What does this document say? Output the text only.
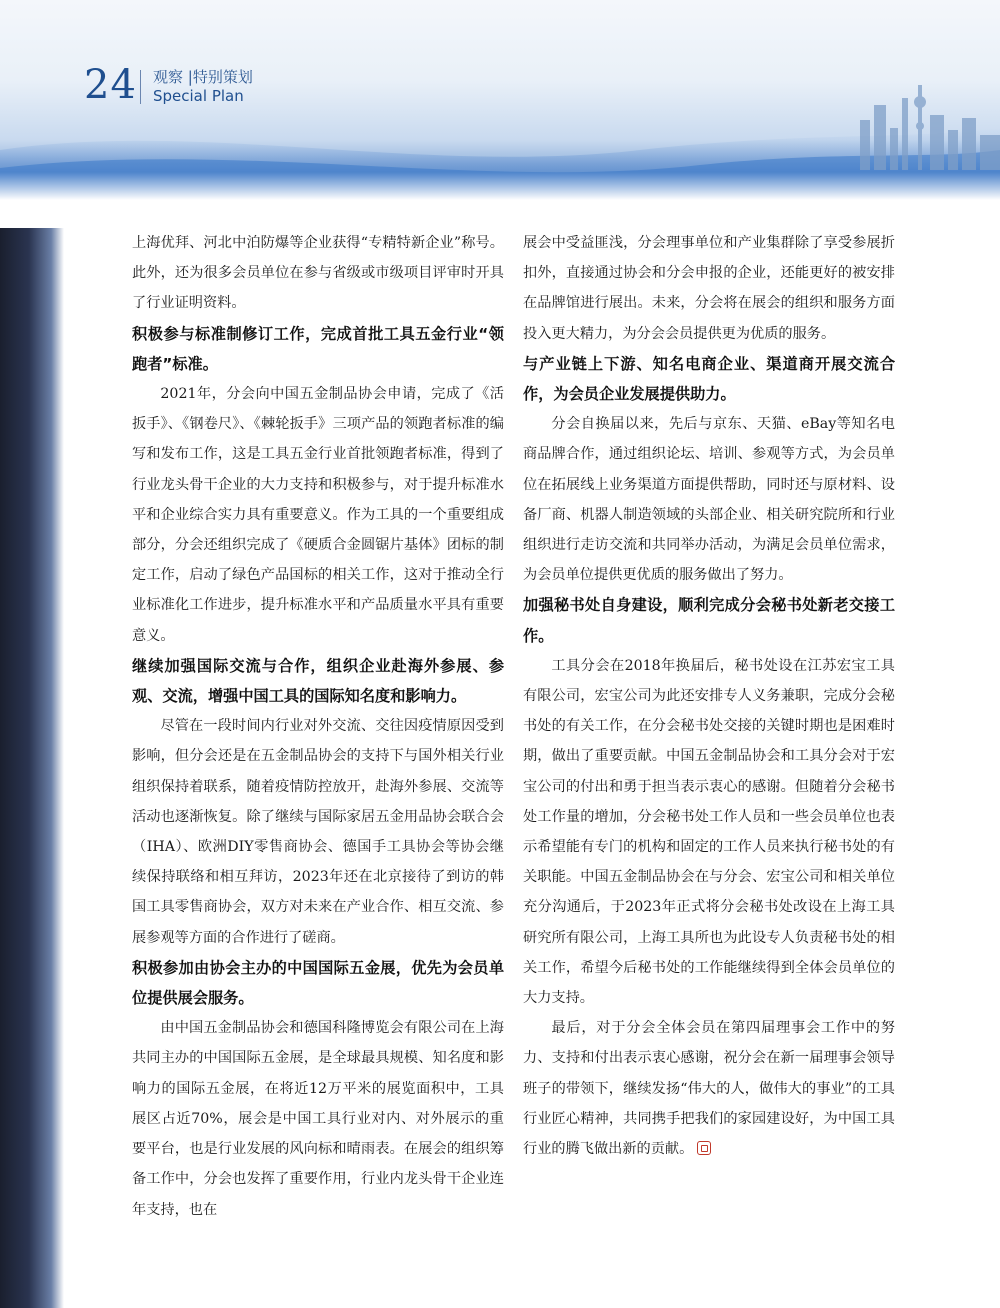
24 观察 |特别策划
Special Plan

上海优拜、河北中泊防爆等企业获得“专精特新企业”称号。此外，还为很多会员单位在参与省级或市级项目评审时开具了行业证明资料。

积极参与标准制修订工作，完成首批工具五金行业“领跑者”标准。

2021年，分会向中国五金制品协会申请，完成了《活扳手》、《钢卷尺》、《棘轮扳手》三项产品的领跑者标准的编写和发布工作，这是工具五金行业首批领跑者标准，得到了行业龙头骨干企业的大力支持和积极参与，对于提升标准水平和企业综合实力具有重要意义。作为工具的一个重要组成部分，分会还组织完成了《硬质合金圆锯片基体》团标的制定工作，启动了绿色产品国标的相关工作，这对于推动全行业标准化工作进步，提升标准水平和产品质量水平具有重要意义。

继续加强国际交流与合作，组织企业赴海外参展、参观、交流，增强中国工具的国际知名度和影响力。

尽管在一段时间内行业对外交流、交往因疫情原因受到影响，但分会还是在五金制品协会的支持下与国外相关行业组织保持着联系，随着疫情防控放开，赴海外参展、交流等活动也逐渐恢复。除了继续与国际家居五金用品协会联合会（IHA）、欧洲DIY零售商协会、德国手工具协会等协会继续保持联络和相互拜访，2023年还在北京接待了到访的韩国工具零售商协会，双方对未来在产业合作、相互交流、参展参观等方面的合作进行了磋商。

积极参加由协会主办的中国国际五金展，优先为会员单位提供展会服务。

由中国五金制品协会和德国科隆博览会有限公司在上海共同主办的中国国际五金展，是全球最具规模、知名度和影响力的国际五金展，在将近12万平米的展览面积中，工具展区占近70%，展会是中国工具行业对内、对外展示的重要平台，也是行业发展的风向标和晴雨表。在展会的组织筹备工作中，分会也发挥了重要作用，行业内龙头骨干企业连年支持，也在

展会中受益匪浅，分会理事单位和产业集群除了享受参展折扣外，直接通过协会和分会申报的企业，还能更好的被安排在品牌馆进行展出。未来，分会将在展会的组织和服务方面投入更大精力，为分会会员提供更为优质的服务。

与产业链上下游、知名电商企业、渠道商开展交流合作，为会员企业发展提供助力。

分会自换届以来，先后与京东、天猫、eBay等知名电商品牌合作，通过组织论坛、培训、参观等方式，为会员单位在拓展线上业务渠道方面提供帮助，同时还与原材料、设备厂商、机器人制造领域的头部企业、相关研究院所和行业组织进行走访交流和共同举办活动，为满足会员单位需求，为会员单位提供更优质的服务做出了努力。

加强秘书处自身建设，顺利完成分会秘书处新老交接工作。

工具分会在2018年换届后，秘书处设在江苏宏宝工具有限公司，宏宝公司为此还安排专人义务兼职，完成分会秘书处的有关工作，在分会秘书处交接的关键时期也是困难时期，做出了重要贡献。中国五金制品协会和工具分会对于宏宝公司的付出和勇于担当表示衷心的感谢。但随着分会秘书处工作量的增加，分会秘书处工作人员和一些会员单位也表示希望能有专门的机构和固定的工作人员来执行秘书处的有关职能。中国五金制品协会在与分会、宏宝公司和相关单位充分沟通后，于2023年正式将分会秘书处改设在上海工具研究所有限公司，上海工具所也为此设专人负责秘书处的相关工作，希望今后秘书处的工作能继续得到全体会员单位的大力支持。

最后，对于分会全体会员在第四届理事会工作中的努力、支持和付出表示衷心感谢，祝分会在新一届理事会领导班子的带领下，继续发扬“伟大的人，做伟大的事业”的工具行业匠心精神，共同携手把我们的家园建设好，为中国工具行业的腾飞做出新的贡献。
